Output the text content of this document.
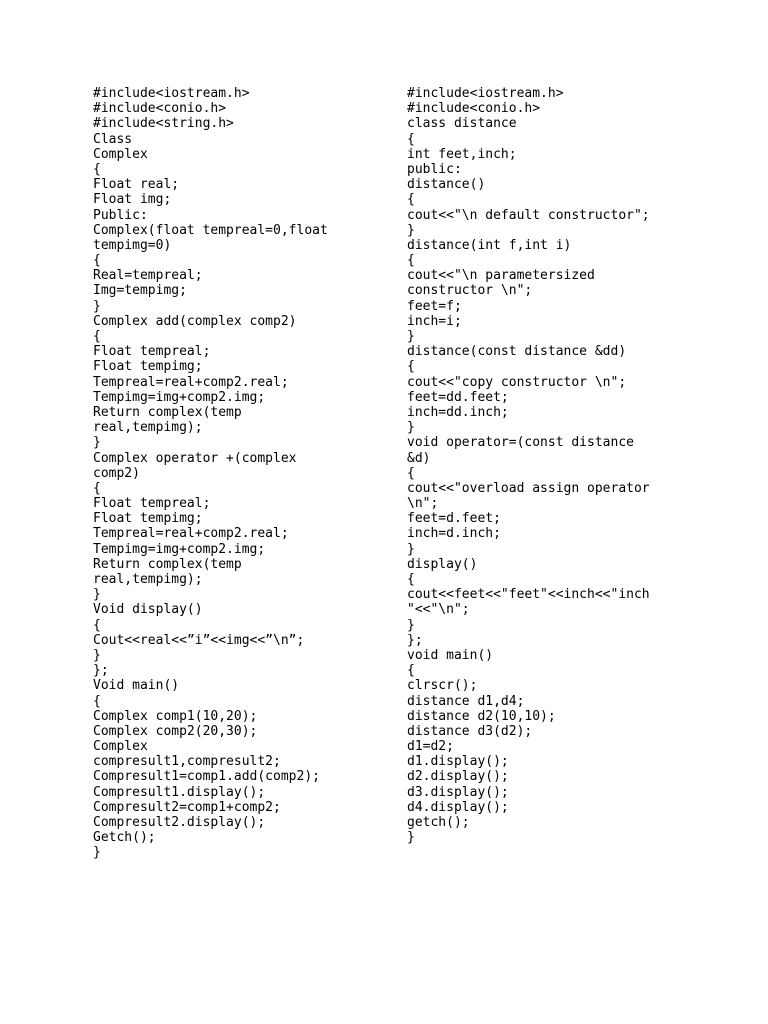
#include<iostream.h>
#include<conio.h>
#include<string.h>
Class
Complex
{
Float real;
Float img;
Public:
Complex(float tempreal=0,float
tempimg=0)
{
Real=tempreal;
Img=tempimg;
}
Complex add(complex comp2)
{
Float tempreal;
Float tempimg;
Tempreal=real+comp2.real;
Tempimg=img+comp2.img;
Return complex(temp
real,tempimg);
}
Complex operator +(complex
comp2)
{
Float tempreal;
Float tempimg;
Tempreal=real+comp2.real;
Tempimg=img+comp2.img;
Return complex(temp
real,tempimg);
}
Void display()
{
Cout<<real<<”i”<<img<<”\n”;
}
};
Void main()
{
Complex comp1(10,20);
Complex comp2(20,30);
Complex
compresult1,compresult2;
Compresult1=comp1.add(comp2);
Compresult1.display();
Compresult2=comp1+comp2;
Compresult2.display();
Getch();
}
#include<iostream.h>
#include<conio.h>
class distance
{
int feet,inch;
public:
distance()
{
cout<<"\n default constructor";
}
distance(int f,int i)
{
cout<<"\n parametersized
constructor \n";
feet=f;
inch=i;
}
distance(const distance &dd)
{
cout<<"copy constructor \n";
feet=dd.feet;
inch=dd.inch;
}
void operator=(const distance
&d)
{
cout<<"overload assign operator
\n";
feet=d.feet;
inch=d.inch;
}
display()
{
cout<<feet<<"feet"<<inch<<"inch
"<<"\n";
}
};
void main()
{
clrscr();
distance d1,d4;
distance d2(10,10);
distance d3(d2);
d1=d2;
d1.display();
d2.display();
d3.display();
d4.display();
getch();
}
